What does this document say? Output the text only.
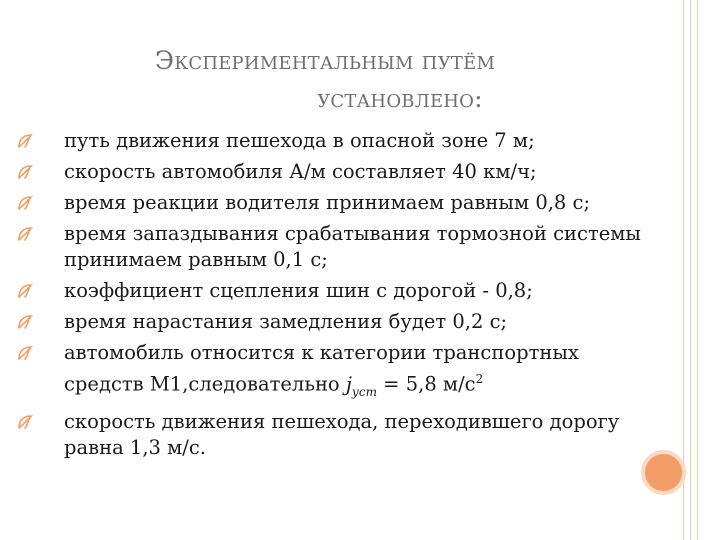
Экспериментальным путём
установлено:
путь движения пешехода в опасной зоне 7 м;
скорость автомобиля А/м составляет 40 км/ч;
время реакции водителя принимаем равным 0,8 с;
время запаздывания срабатывания тормозной системы принимаем равным 0,1 с;
коэффициент сцепления шин с дорогой - 0,8;
время нарастания замедления будет 0,2 с;
автомобиль относится к категории транспортных средств М1,следовательно $j_{уст} = 5,8$ $м/с^2$
скорость движения пешехода, переходившего дорогу равна 1,3 м/с.
